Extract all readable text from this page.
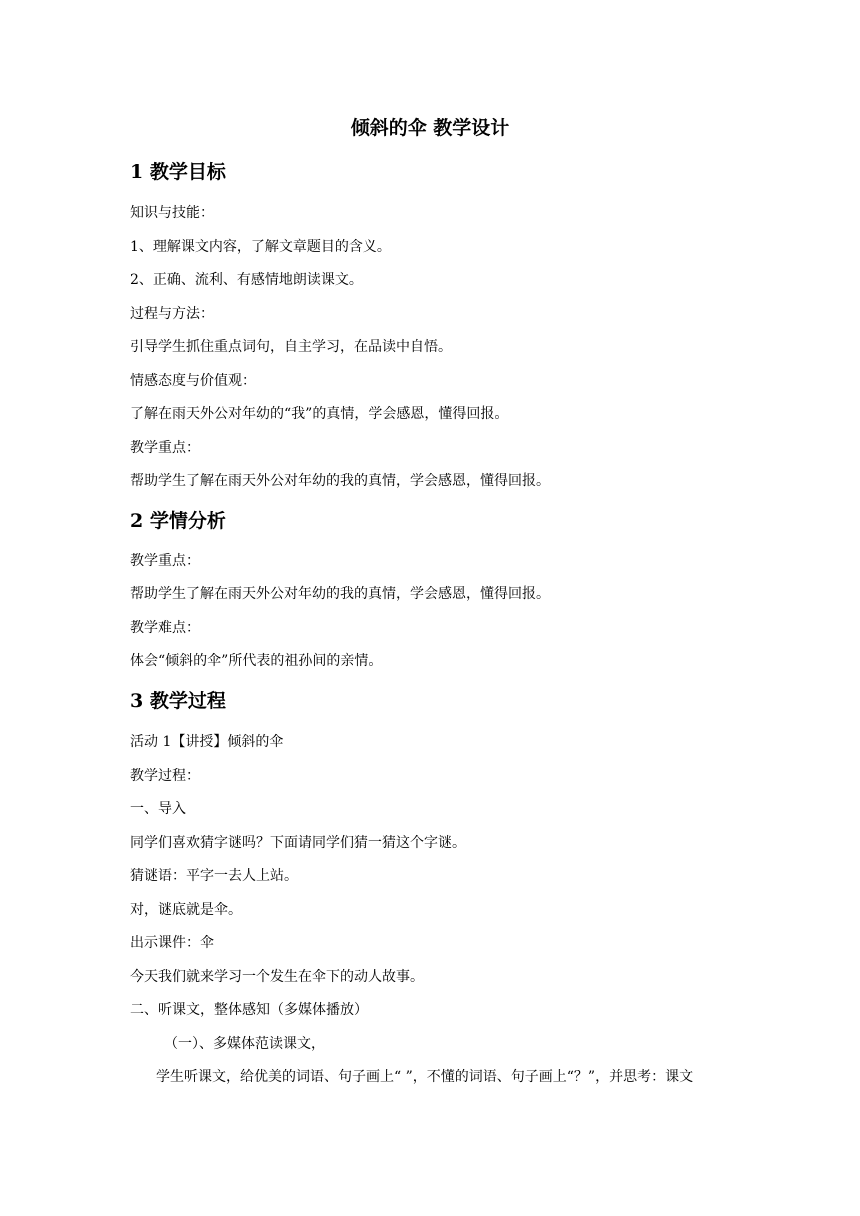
倾斜的伞 教学设计
1 教学目标

知识与技能：

1、理解课文内容，了解文章题目的含义。

2、正确、流利、有感情地朗读课文。

过程与方法：

引导学生抓住重点词句，自主学习，在品读中自悟。

情感态度与价值观：

了解在雨天外公对年幼的“我”的真情，学会感恩，懂得回报。

教学重点：

帮助学生了解在雨天外公对年幼的我的真情，学会感恩，懂得回报。

2 学情分析

教学重点：

帮助学生了解在雨天外公对年幼的我的真情，学会感恩，懂得回报。

教学难点：

体会“倾斜的伞”所代表的祖孙间的亲情。

3 教学过程

活动 1【讲授】倾斜的伞

教学过程：

一、导入

同学们喜欢猜字谜吗？下面请同学们猜一猜这个字谜。

猜谜语：平字一去人上站。

对，谜底就是伞。

出示课件：伞

今天我们就来学习一个发生在伞下的动人故事。

二、听课文，整体感知（多媒体播放）

（一）、多媒体范读课文，

学生听课文，给优美的词语、句子画上“ ”，不懂的词语、句子画上“？”，并思考：课文
